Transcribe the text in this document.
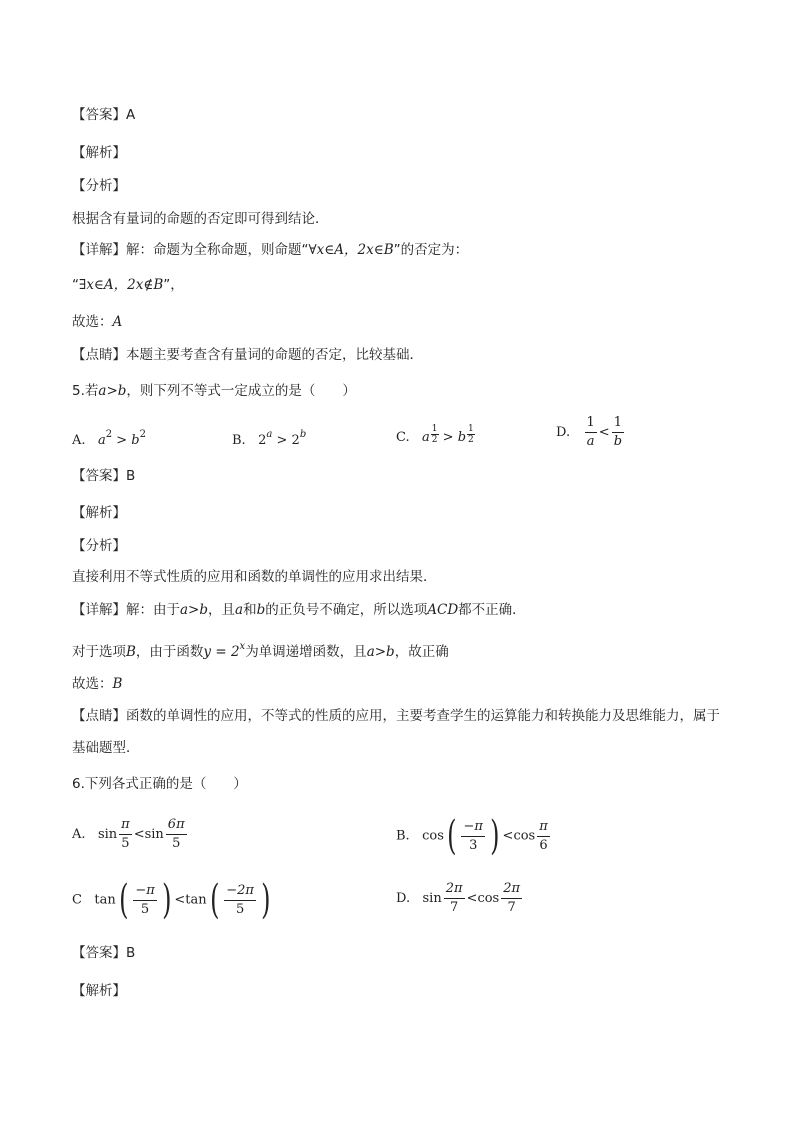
【答案】A
【解析】
【分析】
根据含有量词的命题的否定即可得到结论．
【详解】解：命题为全称命题，则命题“∀x∈A，2x∈B”的否定为：
“∃x∈A，2x∉B”，
故选：A
【点睛】本题主要考查含有量词的命题的否定，比较基础．
5.若a>b，则下列不等式一定成立的是（　　）
A. $a^2 > b^2$	B. $2^a > 2^b$	C. a $\frac{1}{2} > b \frac{1}{2}$	D. $\frac{1}{a} < \frac{1}{b}$
【答案】B
【解析】
【分析】
直接利用不等式性质的应用和函数的单调性的应用求出结果．
【详解】解：由于a>b，且a和b的正负号不确定，所以选项ACD都不正确．
对于选项B，由于函数$y = 2^x$为单调递增函数，且a>b，故正确
故选：B
【点睛】函数的单调性的应用，不等式的性质的应用，主要考查学生的运算能力和转换能力及思维能力，属于
基础题型．
6.下列各式正确的是（　　）
A. $\sin \frac{\pi}{5} <\sin \frac{6\pi}{5}$	B. cos ( $\frac{-\pi}{3}$ ) $<\cos \frac{\pi}{6}$
C tan ( $\frac{-\pi}{5}$ ) <tan ( $\frac{-2\pi}{5}$ )	D. $\sin \frac{2\pi}{7} <\cos \frac{2\pi}{7}$
【答案】B
【解析】
